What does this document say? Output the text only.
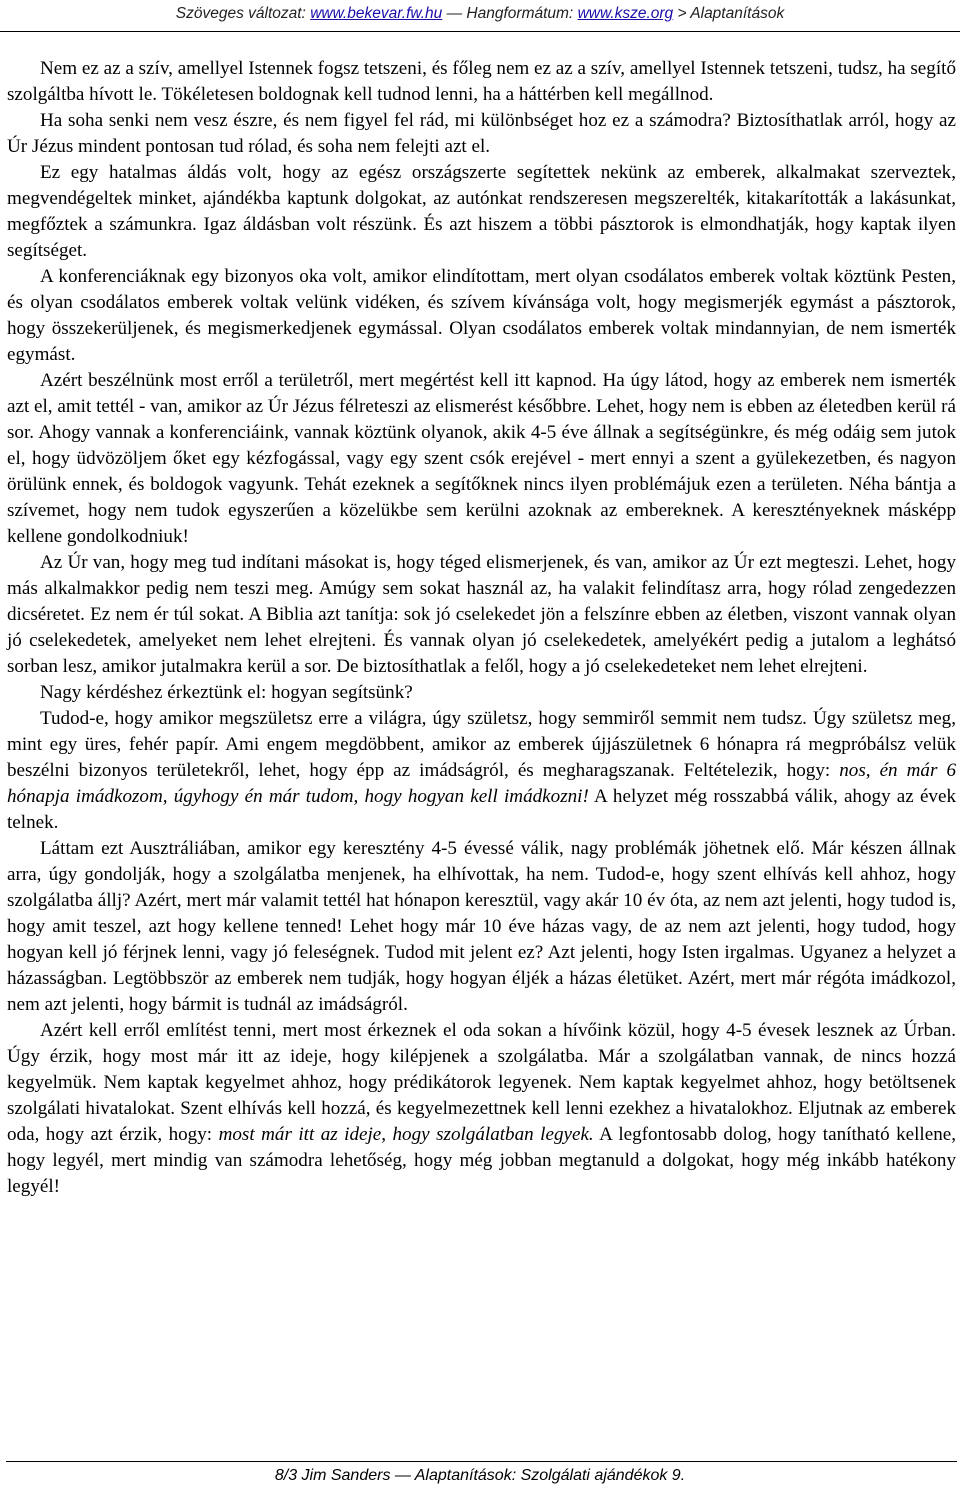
Szöveges változat: www.bekevar.fw.hu — Hangformátum: www.ksze.org > Alaptanítások

Nem ez az a szív, amellyel Istennek fogsz tetszeni, és főleg nem ez az a szív, amellyel Istennek tetszeni, tudsz, ha segítő szolgáltba hívott le. Tökéletesen boldognak kell tudnod lenni, ha a háttérben kell megállnod.

Ha soha senki nem vesz észre, és nem figyel fel rád, mi különbséget hoz ez a számodra? Biztosíthatlak arról, hogy az Úr Jézus mindent pontosan tud rólad, és soha nem felejti azt el.

Ez egy hatalmas áldás volt, hogy az egész országszerte segítettek nekünk az emberek, alkalmakat szerveztek, megvendégeltek minket, ajándékba kaptunk dolgokat, az autónkat rendszeresen megszerelték, kitakarították a lakásunkat, megfőztek a számunkra. Igaz áldásban volt részünk. És azt hiszem a többi pásztorok is elmondhatják, hogy kaptak ilyen segítséget.

A konferenciáknak egy bizonyos oka volt, amikor elindítottam, mert olyan csodálatos emberek voltak köztünk Pesten, és olyan csodálatos emberek voltak velünk vidéken, és szívem kívánsága volt, hogy megismerjék egymást a pásztorok, hogy összekerüljenek, és megismerkedjenek egymással. Olyan csodálatos emberek voltak mindannyian, de nem ismerték egymást.

Azért beszélnünk most erről a területről, mert megértést kell itt kapnod. Ha úgy látod, hogy az emberek nem ismerték azt el, amit tettél - van, amikor az Úr Jézus félreteszi az elismerést későbbre. Lehet, hogy nem is ebben az életedben kerül rá sor. Ahogy vannak a konferenciáink, vannak köztünk olyanok, akik 4-5 éve állnak a segítségünkre, és még odáig sem jutok el, hogy üdvözöljem őket egy kézfogással, vagy egy szent csók erejével - mert ennyi a szent a gyülekezetben, és nagyon örülünk ennek, és boldogok vagyunk. Tehát ezeknek a segítőknek nincs ilyen problémájuk ezen a területen. Néha bántja a szívemet, hogy nem tudok egyszerűen a közelükbe sem kerülni azoknak az embereknek. A keresztényeknek másképp kellene gondolkodniuk!

Az Úr van, hogy meg tud indítani másokat is, hogy téged elismerjenek, és van, amikor az Úr ezt megteszi. Lehet, hogy más alkalmakkor pedig nem teszi meg. Amúgy sem sokat használ az, ha valakit felindítasz arra, hogy rólad zengedezzen dicséretet. Ez nem ér túl sokat. A Biblia azt tanítja: sok jó cselekedet jön a felszínre ebben az életben, viszont vannak olyan jó cselekedetek, amelyeket nem lehet elrejteni. És vannak olyan jó cselekedetek, amelyékért pedig a jutalom a leghátsó sorban lesz, amikor jutalmakra kerül a sor. De biztosíthatlak a felől, hogy a jó cselekedeteket nem lehet elrejteni.

Nagy kérdéshez érkeztünk el: hogyan segítsünk?

Tudod-e, hogy amikor megszületsz erre a világra, úgy születsz, hogy semmiről semmit nem tudsz. Úgy születsz meg, mint egy üres, fehér papír. Ami engem megdöbbent, amikor az emberek újjászületnek 6 hónapra rá megpróbálsz velük beszélni bizonyos területekről, lehet, hogy épp az imádságról, és megharagszanak. Feltételezik, hogy: nos, én már 6 hónapja imádkozom, úgyhogy én már tudom, hogy hogyan kell imádkozni! A helyzet még rosszabbá válik, ahogy az évek telnek.

Láttam ezt Ausztráliában, amikor egy keresztény 4-5 évessé válik, nagy problémák jöhetnek elő. Már készen állnak arra, úgy gondolják, hogy a szolgálatba menjenek, ha elhívottak, ha nem. Tudod-e, hogy szent elhívás kell ahhoz, hogy szolgálatba állj? Azért, mert már valamit tettél hat hónapon keresztül, vagy akár 10 év óta, az nem azt jelenti, hogy tudod is, hogy amit teszel, azt hogy kellene tenned! Lehet hogy már 10 éve házas vagy, de az nem azt jelenti, hogy tudod, hogy hogyan kell jó férjnek lenni, vagy jó feleségnek. Tudod mit jelent ez? Azt jelenti, hogy Isten irgalmas. Ugyanez a helyzet a házasságban. Legtöbbször az emberek nem tudják, hogy hogyan éljék a házas életüket. Azért, mert már régóta imádkozol, nem azt jelenti, hogy bármit is tudnál az imádságról.

Azért kell erről említést tenni, mert most érkeznek el oda sokan a hívőink közül, hogy 4-5 évesek lesznek az Úrban. Úgy érzik, hogy most már itt az ideje, hogy kilépjenek a szolgálatba. Már a szolgálatban vannak, de nincs hozzá kegyelmük. Nem kaptak kegyelmet ahhoz, hogy prédikátorok legyenek. Nem kaptak kegyelmet ahhoz, hogy betöltsenek szolgálati hivatalokat. Szent elhívás kell hozzá, és kegyelmezettnek kell lenni ezekhez a hivatalokhoz. Eljutnak az emberek oda, hogy azt érzik, hogy: most már itt az ideje, hogy szolgálatban legyek. A legfontosabb dolog, hogy tanítható kellene, hogy legyél, mert mindig van számodra lehetőség, hogy még jobban megtanuld a dolgokat, hogy még inkább hatékony legyél!

8/3 Jim Sanders — Alaptanítások: Szolgálati ajándékok 9.
